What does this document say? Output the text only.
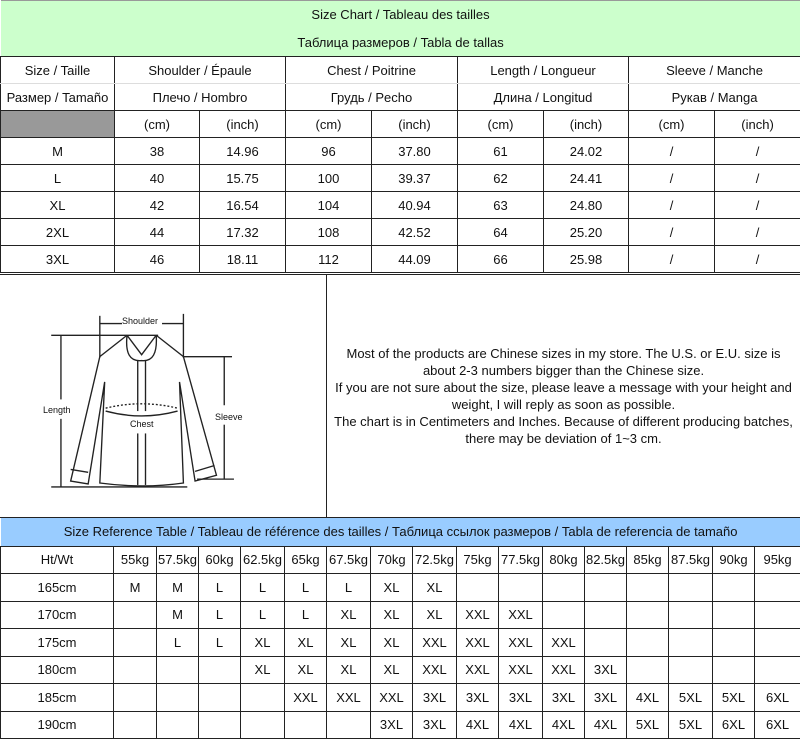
Size Chart / Tableau des tailles								
Таблица размеров / Tabla de tallas								
Size / Taille	Shoulder / Épaule		Chest / Poitrine		Length / Longueur		Sleeve / Manche	
Размер / Tamaño	Плечо / Hombro		Грудь / Pecho		Длина / Longitud		Рукав / Manga	
	(cm)	(inch)	(cm)	(inch)	(cm)	(inch)	(cm)	(inch)
M	38	14.96	96	37.80	61	24.02	/	/
L	40	15.75	100	39.37	62	24.41	/	/
XL	42	16.54	104	40.94	63	24.80	/	/
2XL	44	17.32	108	42.52	64	25.20	/	/
3XL	46	18.11	112	44.09	66	25.98	/	/
Shoulder
Length
Chest
Sleeve
Most of the products are Chinese sizes in my store. The U.S. or E.U. size is about 2-3 numbers bigger than the Chinese size.
If you are not sure about the size, please leave a message with your height and weight, I will reply as soon as possible.
The chart is in Centimeters and Inches. Because of different producing batches, there may be deviation of 1~3 cm.
Size Reference Table / Tableau de référence des tailles / Таблица ссылок размеров / Tabla de referencia de tamaño																
Ht/Wt	55kg	57.5kg	60kg	62.5kg	65kg	67.5kg	70kg	72.5kg	75kg	77.5kg	80kg	82.5kg	85kg	87.5kg	90kg	95kg
165cm	M	M	L	L	L	L	XL	XL								
170cm		M	L	L	L	XL	XL	XL	XXL	XXL						
175cm		L	L	XL	XL	XL	XL	XXL	XXL	XXL	XXL					
180cm				XL	XL	XL	XL	XXL	XXL	XXL	XXL	3XL				
185cm					XXL	XXL	XXL	3XL	3XL	3XL	3XL	3XL	4XL	5XL	5XL	6XL
190cm							3XL	3XL	4XL	4XL	4XL	4XL	5XL	5XL	6XL	6XL
